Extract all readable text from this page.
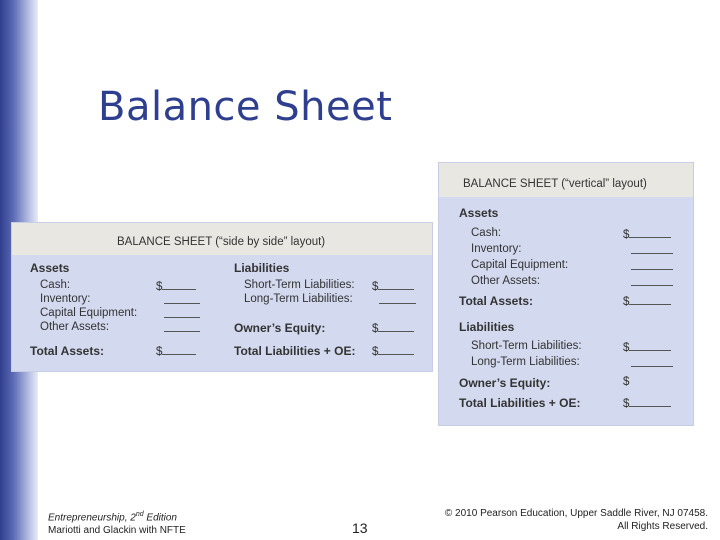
Balance Sheet
BALANCE SHEET (“side by side” layout)
Assets
Cash:
Inventory:
Capital Equipment:
Other Assets:
Total Assets:
$
$
Liabilities
Short-Term Liabilities:
Long-Term Liabilities:
Owner’s Equity:
Total Liabilities + OE:
$
$
$
BALANCE SHEET (“vertical” layout)
Assets
Cash:
Inventory:
Capital Equipment:
Other Assets:
Total Assets:
$
$
Liabilities
Short-Term Liabilities:
Long-Term Liabilities:
Owner’s Equity:
Total Liabilities + OE:
$
$
$
Entrepreneurship, 2nd Edition
Mariotti and Glackin with NFTE	13
© 2010 Pearson Education, Upper Saddle River, NJ 07458.
All Rights Reserved.
